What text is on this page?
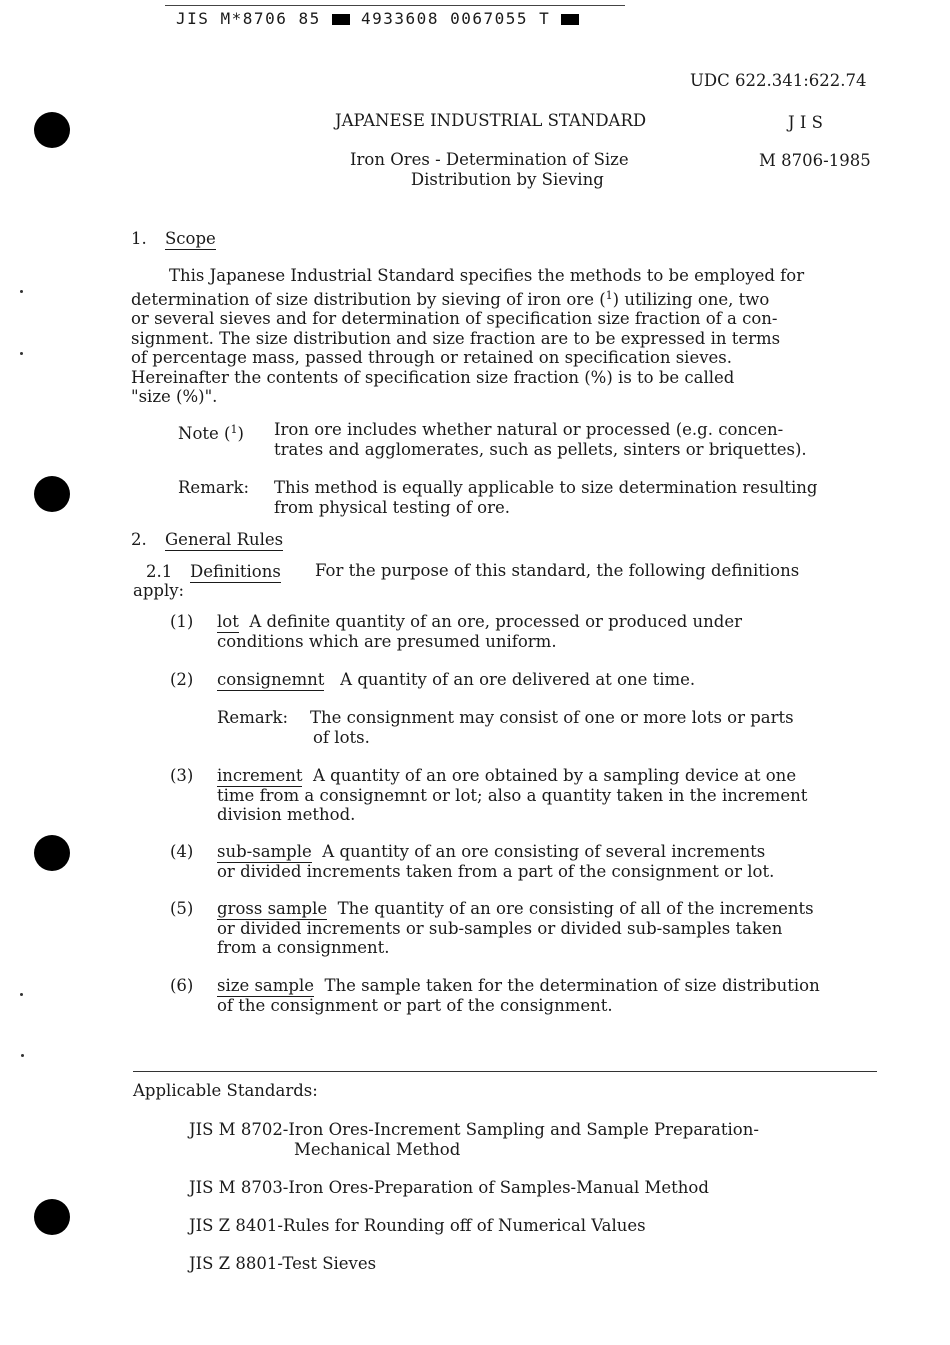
JIS M*8706 85	4933608 0067055 T
UDC 622.341:622.74
JAPANESE INDUSTRIAL STANDARD	J I S
Iron Ores - Determination of Size
Distribution by Sieving
M 8706-1985
1. Scope
This Japanese Industrial Standard specifies the methods to be employed for
determination of size distribution by sieving of iron ore ($^1$) utilizing one, two
or several sieves and for determination of specification size fraction of a con-
signment. The size distribution and size fraction are to be expressed in terms
of percentage mass, passed through or retained on specification sieves.
Hereinafter the contents of specification size fraction (%) is to be called
"size (%)".
Note ($^1$) Iron ore includes whether natural or processed (e.g. concen-
trates and agglomerates, such as pellets, sinters or briquettes).
Remark: This method is equally applicable to size determination resulting
from physical testing of ore.
2. General Rules
2.1 Definitions For the purpose of this standard, the following definitions
apply:
(1) lot A definite quantity of an ore, processed or produced under
conditions which are presumed uniform.
(2) consignemnt A quantity of an ore delivered at one time.
Remark: The consignment may consist of one or more lots or parts
of lots.
(3) increment A quantity of an ore obtained by a sampling device at one
time from a consignemnt or lot; also a quantity taken in the increment
division method.
(4) sub-sample A quantity of an ore consisting of several increments
or divided increments taken from a part of the consignment or lot.
(5) gross sample The quantity of an ore consisting of all of the increments
or divided increments or sub-samples or divided sub-samples taken
from a consignment.
(6) size sample The sample taken for the determination of size distribution
of the consignment or part of the consignment.
Applicable Standards:
JIS M 8702-Iron Ores-Increment Sampling and Sample Preparation-
Mechanical Method
JIS M 8703-Iron Ores-Preparation of Samples-Manual Method
JIS Z 8401-Rules for Rounding off of Numerical Values
JIS Z 8801-Test Sieves
